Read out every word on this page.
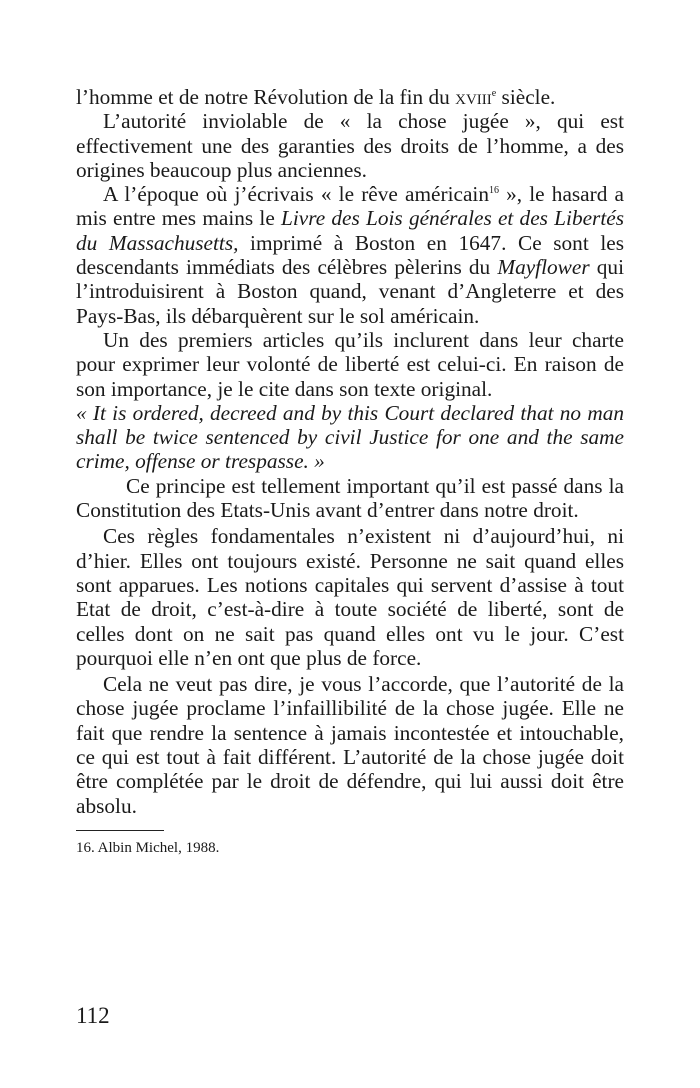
l’homme et de notre Révolution de la fin du xviii$^e$ siècle.

L’autorité inviolable de « la chose jugée », qui est effectivement une des garanties des droits de l’homme, a des origines beaucoup plus anciennes.

A l’époque où j’écrivais « le rêve américain$^{16}$ », le hasard a mis entre mes mains le Livre des Lois générales et des Libertés du Massachusetts, imprimé à Boston en 1647. Ce sont les descendants immédiats des célèbres pèlerins du Mayflower qui l’introduisirent à Boston quand, venant d’Angleterre et des Pays-Bas, ils débarquèrent sur le sol américain.

Un des premiers articles qu’ils inclurent dans leur charte pour exprimer leur volonté de liberté est celui-ci. En raison de son importance, je le cite dans son texte original.

« It is ordered, decreed and by this Court declared that no man shall be twice sentenced by civil Justice for one and the same crime, offense or trespasse. »

Ce principe est tellement important qu’il est passé dans la Constitution des Etats-Unis avant d’entrer dans notre droit.

Ces règles fondamentales n’existent ni d’aujourd’hui, ni d’hier. Elles ont toujours existé. Personne ne sait quand elles sont apparues. Les notions capitales qui servent d’assise à tout Etat de droit, c’est-à-dire à toute société de liberté, sont de celles dont on ne sait pas quand elles ont vu le jour. C’est pourquoi elle n’en ont que plus de force.

Cela ne veut pas dire, je vous l’accorde, que l’autorité de la chose jugée proclame l’infaillibilité de la chose jugée. Elle ne fait que rendre la sentence à jamais incontestée et intouchable, ce qui est tout à fait différent. L’autorité de la chose jugée doit être complétée par le droit de défendre, qui lui aussi doit être absolu.

16. Albin Michel, 1988.

112
